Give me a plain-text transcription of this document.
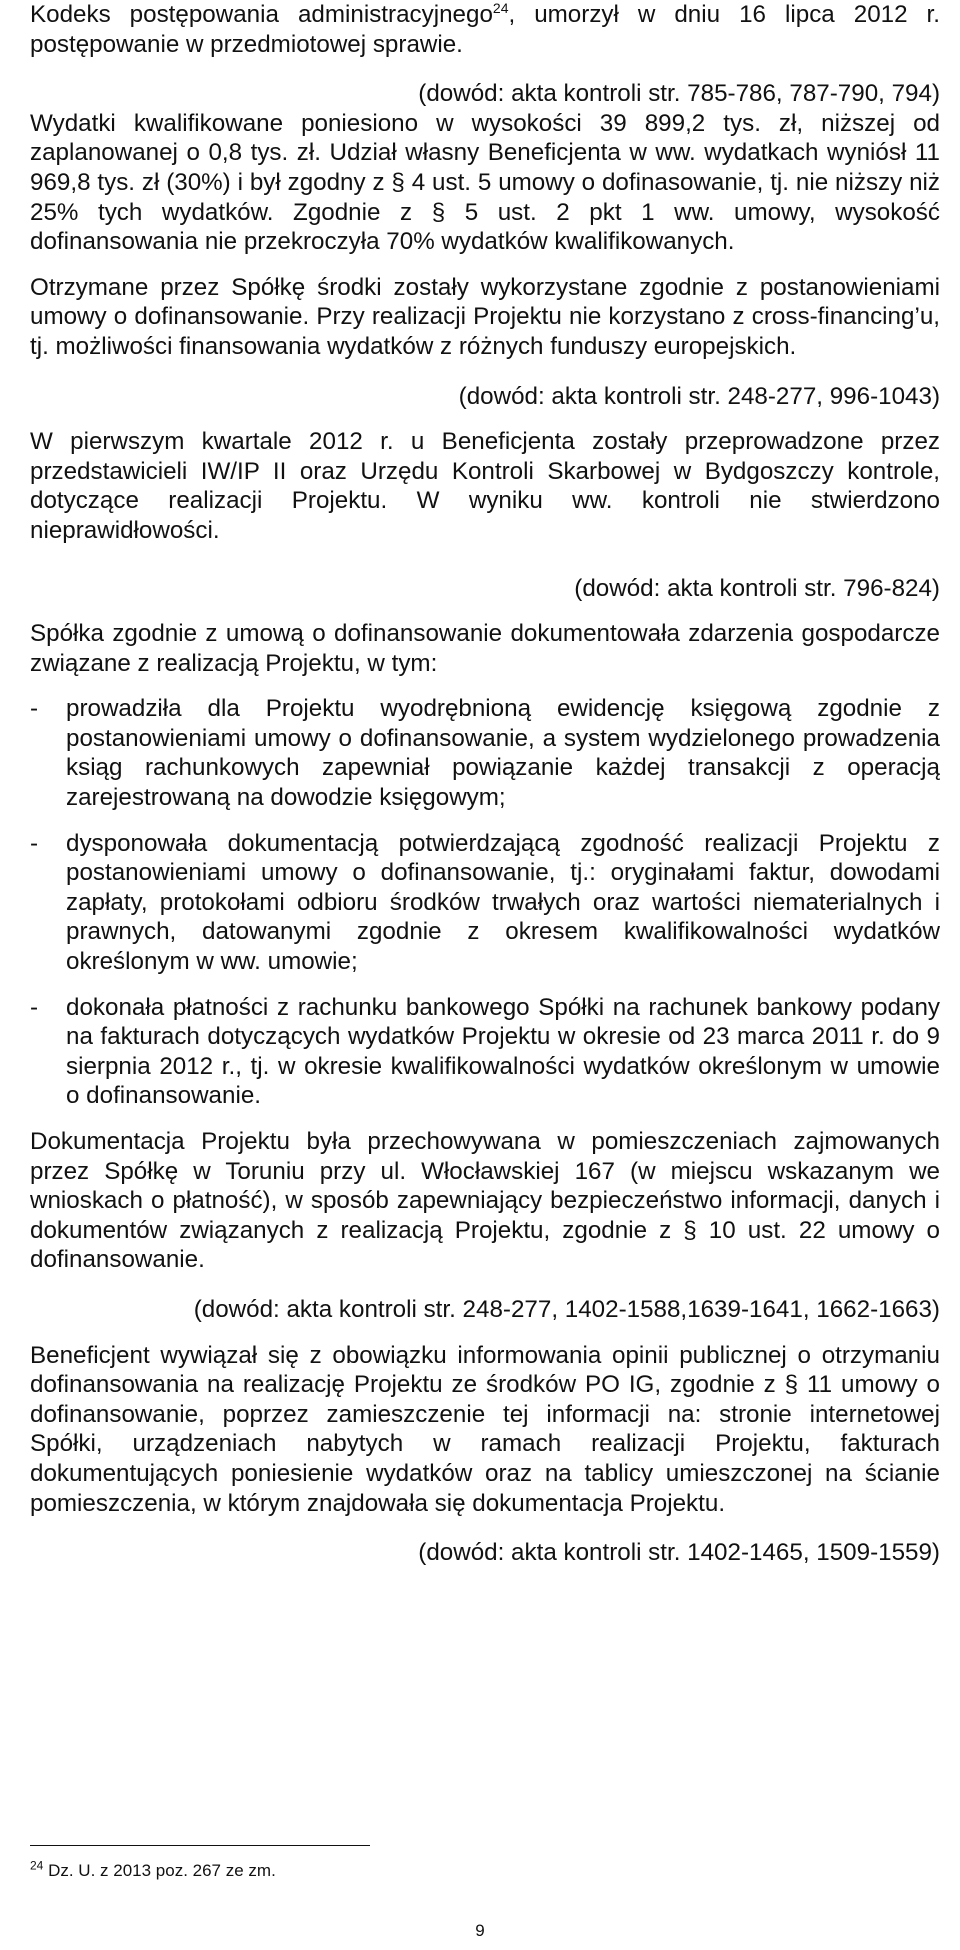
Kodeks postępowania administracyjnego$^{24}$, umorzył w dniu 16 lipca 2012 r. postępowanie w przedmiotowej sprawie.

(dowód: akta kontroli str. 785-786, 787-790, 794)

Wydatki kwalifikowane poniesiono w wysokości 39 899,2 tys. zł, niższej od zaplanowanej o 0,8 tys. zł. Udział własny Beneficjenta w ww. wydatkach wyniósł 11 969,8 tys. zł (30%) i był zgodny z § 4 ust. 5 umowy o dofinasowanie, tj. nie niższy niż 25% tych wydatków. Zgodnie z § 5 ust. 2 pkt 1 ww. umowy, wysokość dofinansowania nie przekroczyła 70% wydatków kwalifikowanych.

Otrzymane przez Spółkę środki zostały wykorzystane zgodnie z postanowieniami umowy o dofinansowanie. Przy realizacji Projektu nie korzystano z cross-financing’u, tj. możliwości finansowania wydatków z różnych funduszy europejskich.

(dowód: akta kontroli str. 248-277, 996-1043)

W pierwszym kwartale 2012 r. u Beneficjenta zostały przeprowadzone przez przedstawicieli IW/IP II oraz Urzędu Kontroli Skarbowej w Bydgoszczy kontrole, dotyczące realizacji Projektu. W wyniku ww. kontroli nie stwierdzono nieprawidłowości.

(dowód: akta kontroli str. 796-824)

Spółka zgodnie z umową o dofinansowanie dokumentowała zdarzenia gospodarcze związane z realizacją Projektu, w tym:

- prowadziła dla Projektu wyodrębnioną ewidencję księgową zgodnie z postanowieniami umowy o dofinansowanie, a system wydzielonego prowadzenia ksiąg rachunkowych zapewniał powiązanie każdej transakcji z operacją zarejestrowaną na dowodzie księgowym;
- dysponowała dokumentacją potwierdzającą zgodność realizacji Projektu z postanowieniami umowy o dofinansowanie, tj.: oryginałami faktur, dowodami zapłaty, protokołami odbioru środków trwałych oraz wartości niematerialnych i prawnych, datowanymi zgodnie z okresem kwalifikowalności wydatków określonym w ww. umowie;
- dokonała płatności z rachunku bankowego Spółki na rachunek bankowy podany na fakturach dotyczących wydatków Projektu w okresie od 23 marca 2011 r. do 9 sierpnia 2012 r., tj. w okresie kwalifikowalności wydatków określonym w umowie o dofinansowanie.

Dokumentacja Projektu była przechowywana w pomieszczeniach zajmowanych przez Spółkę w Toruniu przy ul. Włocławskiej 167 (w miejscu wskazanym we wnioskach o płatność), w sposób zapewniający bezpieczeństwo informacji, danych i dokumentów związanych z realizacją Projektu, zgodnie z § 10 ust. 22 umowy o dofinansowanie.

(dowód: akta kontroli str. 248-277, 1402-1588,1639-1641, 1662-1663)

Beneficjent wywiązał się z obowiązku informowania opinii publicznej o otrzymaniu dofinansowania na realizację Projektu ze środków PO IG, zgodnie z § 11 umowy o dofinansowanie, poprzez zamieszczenie tej informacji na: stronie internetowej Spółki, urządzeniach nabytych w ramach realizacji Projektu, fakturach dokumentujących poniesienie wydatków oraz na tablicy umieszczonej na ścianie pomieszczenia, w którym znajdowała się dokumentacja Projektu.

(dowód: akta kontroli str. 1402-1465, 1509-1559)

$^{24}$ Dz. U. z 2013 poz. 267 ze zm.
9
